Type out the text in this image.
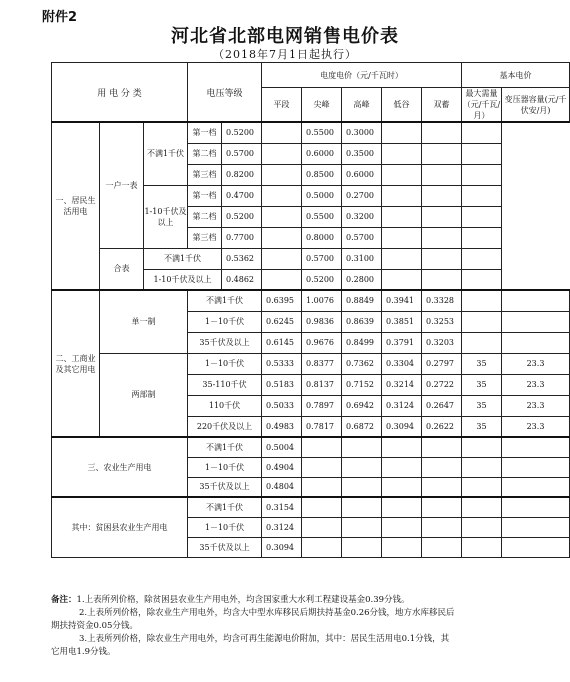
附件2
河北省北部电网销售电价表
（2018年7月1日起执行）
用 电 分 类			电压等级		电度电价（元/千瓦时）					基本电价	
					平段	尖峰	高峰	低谷	双蓄	最大需量（元/千瓦/月）	变压器容量(元/千伏安/月)
一、居民生活用电	一户一表	不满1千伏	第一档	0.5200		0.5500	0.3000				
			第二档	0.5700		0.6000	0.3500				
			第三档	0.8200		0.8500	0.6000				
		1-10千伏及以上	第一档	0.4700		0.5000	0.2700				
			第二档	0.5200		0.5500	0.3200				
			第三档	0.7700		0.8000	0.5700				
	合表	不满1千伏		0.5362		0.5700	0.3100				
		1-10千伏及以上		0.4862		0.5200	0.2800				
二、工商业及其它用电	单一制		不满1千伏		0.6395	1.0076	0.8849	0.3941	0.3328		
			1－10千伏		0.6245	0.9836	0.8639	0.3851	0.3253		
			35千伏及以上		0.6145	0.9676	0.8499	0.3791	0.3203		
	两部制		1－10千伏		0.5333	0.8377	0.7362	0.3304	0.2797	35	23.3
			35-110千伏		0.5183	0.8137	0.7152	0.3214	0.2722	35	23.3
			110千伏		0.5033	0.7897	0.6942	0.3124	0.2647	35	23.3
			220千伏及以上		0.4983	0.7817	0.6872	0.3094	0.2622	35	23.3
三、农业生产用电			不满1千伏		0.5004						
			1－10千伏		0.4904						
			35千伏及以上		0.4804						
其中：贫困县农业生产用电			不满1千伏		0.3154						
			1－10千伏		0.3124						
			35千伏及以上		0.3094						

备注：1.上表所列价格，除贫困县农业生产用电外，均含国家重大水利工程建设基金0.39分钱。

2.上表所列价格，除农业生产用电外，均含大中型水库移民后期扶持基金0.26分钱，地方水库移民后

期扶持资金0.05分钱。

3.上表所列价格，除农业生产用电外，均含可再生能源电价附加，其中：居民生活用电0.1分钱，其

它用电1.9分钱。
